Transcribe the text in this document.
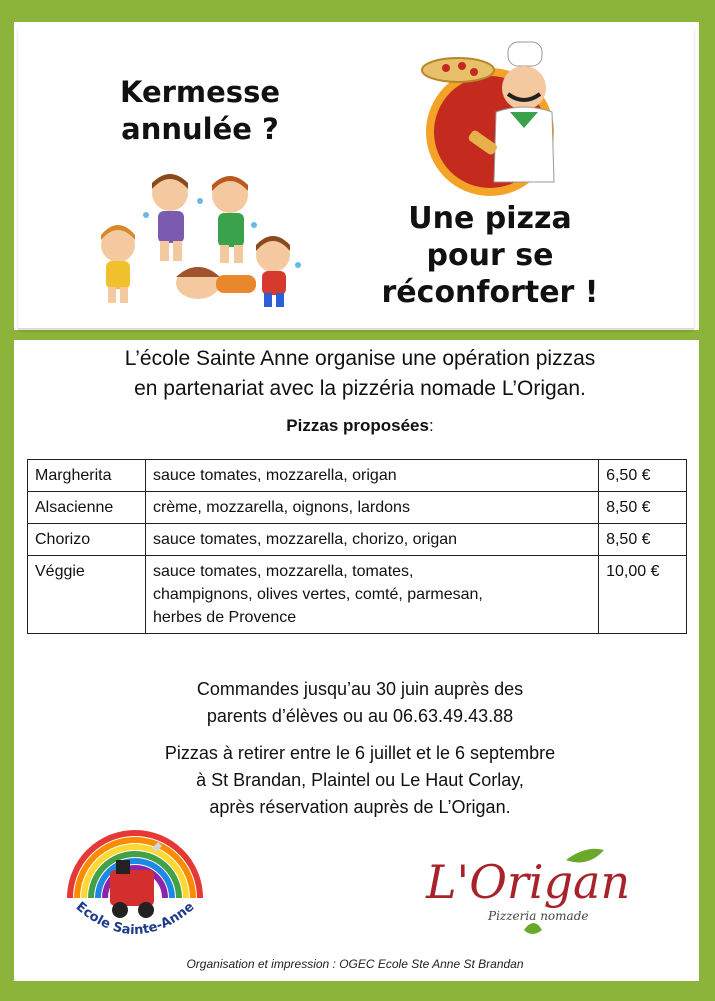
Kermesse
annulée ?
Une pizza
pour se
réconforter !
L’école Sainte Anne organise une opération pizzas
en partenariat avec la pizzéria nomade L’Origan.
Pizzas proposées:
Margherita	sauce tomates, mozzarella, origan	6,50 €
Alsacienne	crème, mozzarella, oignons, lardons	8,50 €
Chorizo	sauce tomates, mozzarella, chorizo, origan	8,50 €
Véggie	sauce tomates, mozzarella, tomates,
champignons, olives vertes, comté, parmesan,
herbes de Provence	10,00 €
Commandes jusqu’au 30 juin auprès des
parents d’élèves ou au 06.63.49.43.88
Pizzas à retirer entre le 6 juillet et le 6 septembre
à St Brandan, Plaintel ou Le Haut Corlay,
après réservation auprès de L’Origan.
Ecole Sainte-Anne	L'Origan
Pizzeria nomade
Organisation et impression : OGEC Ecole Ste Anne St Brandan
